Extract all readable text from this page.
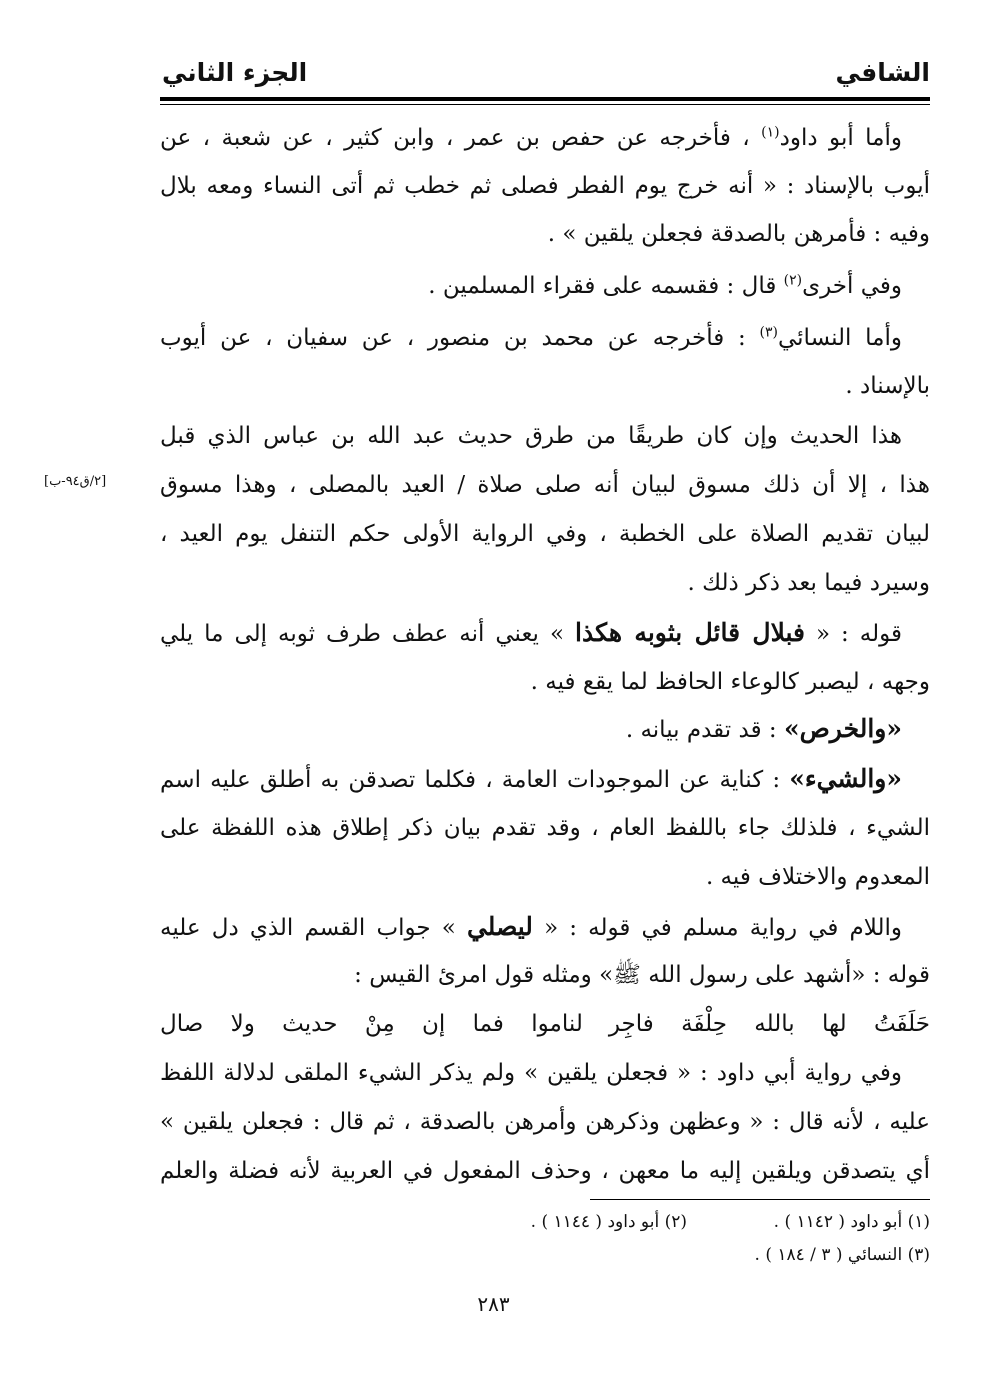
الشافي
الجزء الثاني
[٢/ق٩٤-ب]
وأما أبو داود$^{(١)}$ ، فأخرجه عن حفص بن عمر ، وابن كثير ، عن شعبة ، عن
أيوب بالإسناد : « أنه خرج يوم الفطر فصلى ثم خطب ثم أتى النساء ومعه بلال
وفيه : فأمرهن بالصدقة فجعلن يلقين » .
وفي أخرى$^{(٢)}$ قال : فقسمه على فقراء المسلمين .
وأما النسائي$^{(٣)}$ : فأخرجه عن محمد بن منصور ، عن سفيان ، عن أيوب
بالإسناد .
هذا الحديث وإن كان طريقًا من طرق حديث عبد الله بن عباس الذي قبل
هذا ، إلا أن ذلك مسوق لبيان أنه صلى صلاة / العيد بالمصلى ، وهذا مسوق
لبيان تقديم الصلاة على الخطبة ، وفي الرواية الأولى حكم التنفل يوم العيد ،
وسيرد فيما بعد ذكر ذلك .
قوله : « فبلال قائل بثوبه هكذا » يعني أنه عطف طرف ثوبه إلى ما يلي
وجهه ، ليصبر كالوعاء الحافظ لما يقع فيه .
«والخرص» : قد تقدم بيانه .
«والشيء» : كناية عن الموجودات العامة ، فكلما تصدقن به أطلق عليه اسم
الشيء ، فلذلك جاء باللفظ العام ، وقد تقدم بيان ذكر إطلاق هذه اللفظة على
المعدوم والاختلاف فيه .
واللام في رواية مسلم في قوله : « ليصلي » جواب القسم الذي دل عليه
قوله : «أشهد على رسول الله ﷺ» ومثله قول امرئ القيس :
حَلَفَتُ لها بالله حِلْفَة فاجِرلناموا فما إن مِنْ حديث ولا صال
وفي رواية أبي داود : « فجعلن يلقين » ولم يذكر الشيء الملقى لدلالة اللفظ
عليه ، لأنه قال : « وعظهن وذكرهن وأمرهن بالصدقة ، ثم قال : فجعلن يلقين »
أي يتصدقن ويلقين إليه ما معهن ، وحذف المفعول في العربية لأنه فضلة والعلم
(١) أبو داود ( ١١٤٢ ) .
(٢) أبو داود ( ١١٤٤ ) .
(٣) النسائي ( ٣ / ١٨٤ ) .
٢٨٣
